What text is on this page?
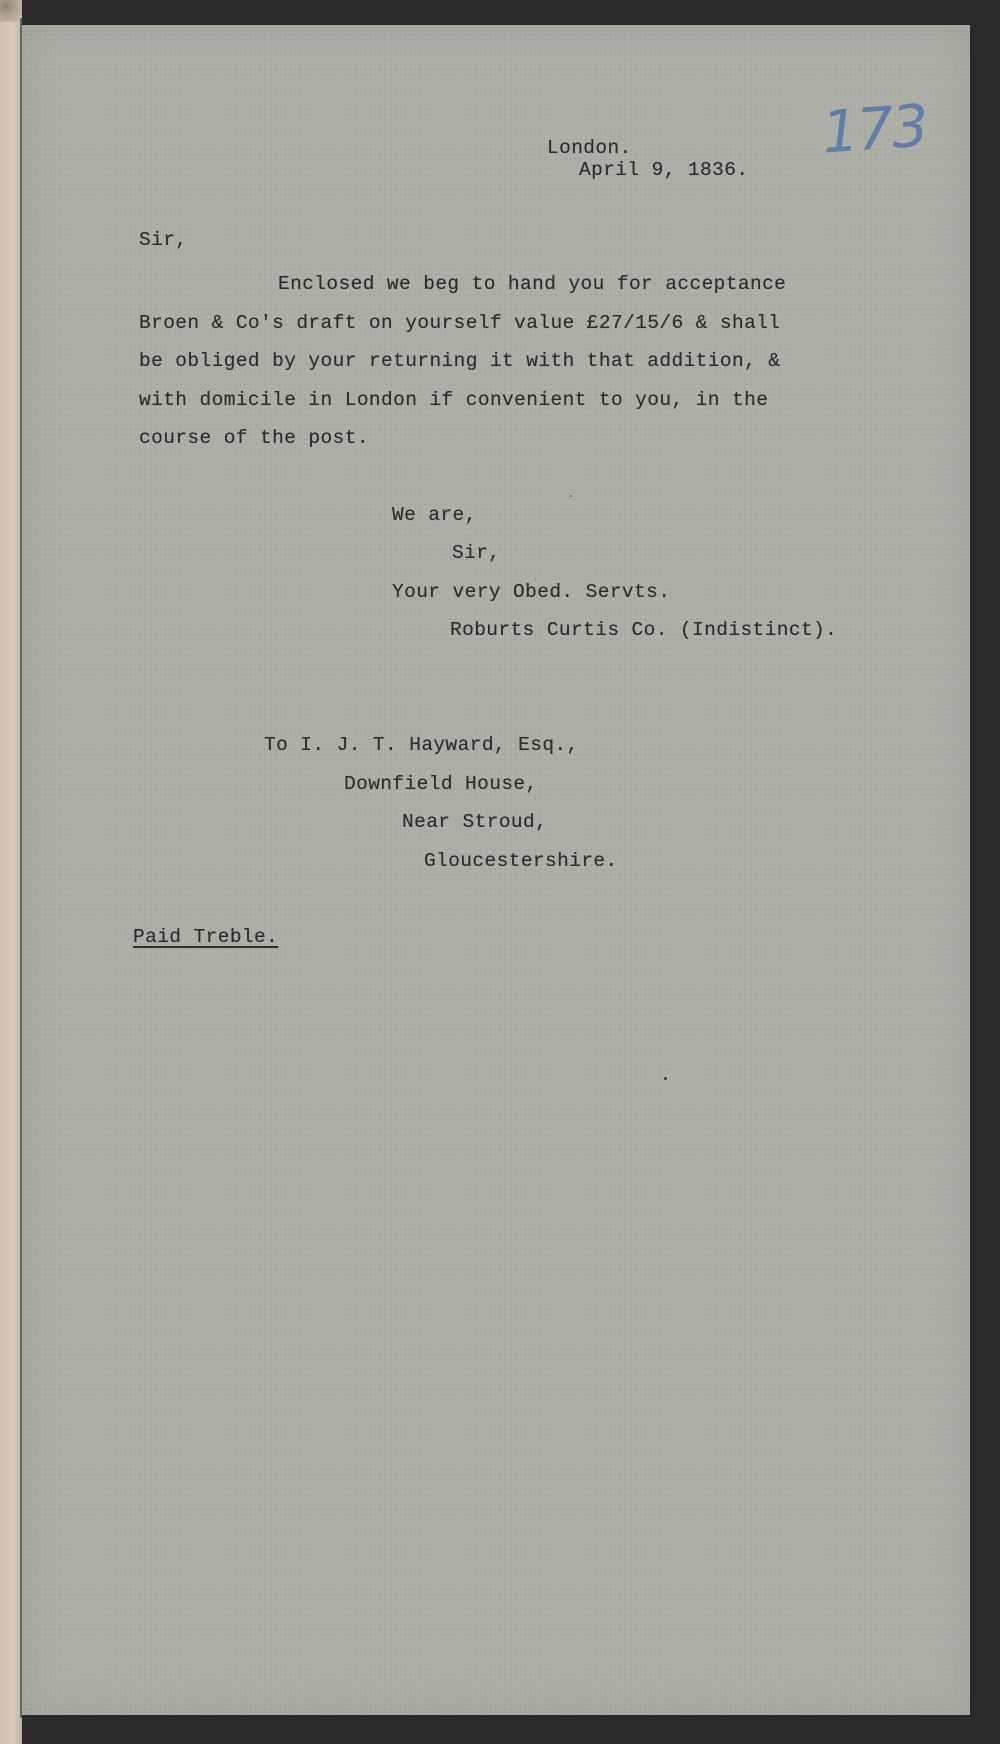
173
London.
April 9, 1836.
Sir,
Enclosed we beg to hand you for acceptance
Broen & Co's draft on yourself value £27/15/6 & shall
be obliged by your returning it with that addition, &
with domicile in London if convenient to you, in the
course of the post.
We are,
Sir,
Your very Obed. Servts.
Roburts Curtis Co. (Indistinct).
To I. J. T. Hayward, Esq.,
Downfield House,
Near Stroud,
Gloucestershire.
Paid Treble.
